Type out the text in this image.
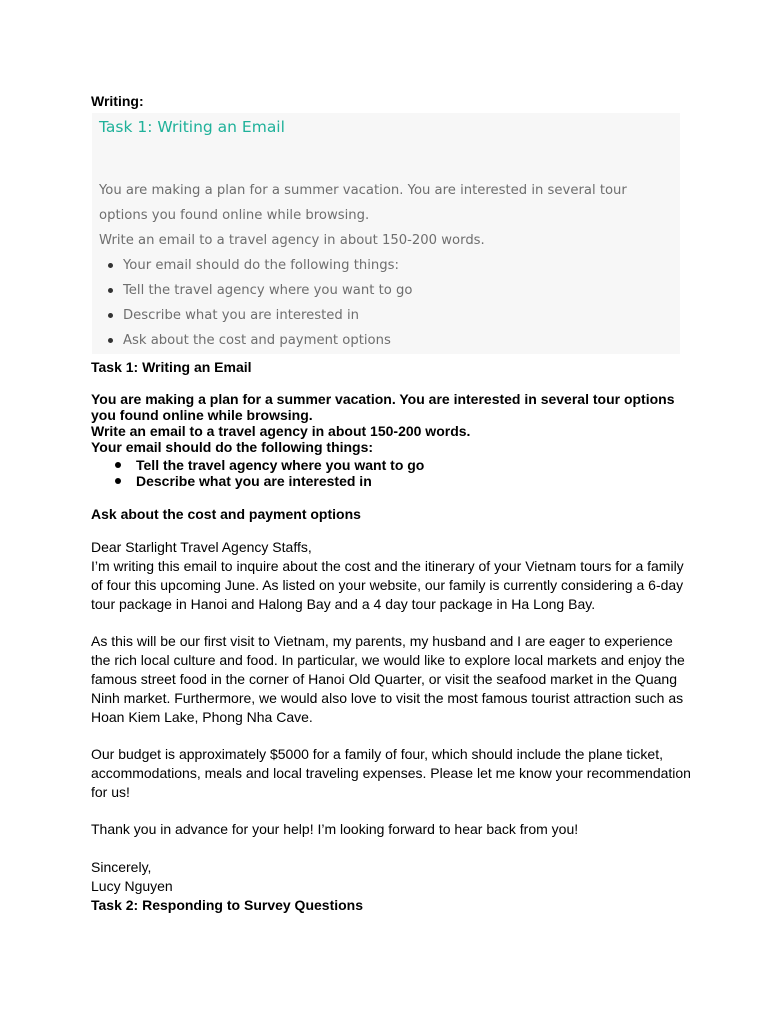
Writing:
Task 1: Writing an Email
You are making a plan for a summer vacation. You are interested in several tour options you found online while browsing.
Write an email to a travel agency in about 150-200 words.
Your email should do the following things:
Tell the travel agency where you want to go
Describe what you are interested in
Ask about the cost and payment options
Task 1: Writing an Email
You are making a plan for a summer vacation. You are interested in several tour options you found online while browsing.
Write an email to a travel agency in about 150-200 words.
Your email should do the following things:
Tell the travel agency where you want to go
Describe what you are interested in
Ask about the cost and payment options
Dear Starlight Travel Agency Staffs,
I’m writing this email to inquire about the cost and the itinerary of your Vietnam tours for a family of four this upcoming June. As listed on your website, our family is currently considering a 6-day tour package in Hanoi and Halong Bay and a 4 day tour package in Ha Long Bay.
As this will be our first visit to Vietnam, my parents, my husband and I are eager to experience the rich local culture and food. In particular, we would like to explore local markets and enjoy the famous street food in the corner of Hanoi Old Quarter, or visit the seafood market in the Quang Ninh market. Furthermore, we would also love to visit the most famous tourist attraction such as Hoan Kiem Lake, Phong Nha Cave.
Our budget is approximately $5000 for a family of four, which should include the plane ticket, accommodations, meals and local traveling expenses. Please let me know your recommendation for us!
Thank you in advance for your help! I’m looking forward to hear back from you!
Sincerely,
Lucy Nguyen
Task 2: Responding to Survey Questions
